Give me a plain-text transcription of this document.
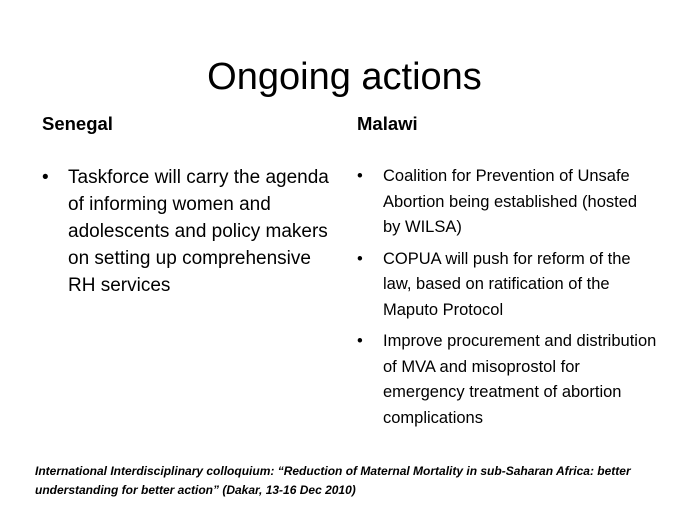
Ongoing actions
Senegal
• Taskforce will carry the agenda of informing women and adolescents and policy makers on setting up comprehensive RH services
Malawi
• Coalition for Prevention of Unsafe Abortion being established (hosted by WILSA)
• COPUA will push for reform of the law, based on ratification of the Maputo Protocol
• Improve procurement and distribution of MVA and misoprostol for emergency treatment of abortion complications
International Interdisciplinary colloquium: “Reduction of Maternal Mortality in sub-Saharan Africa: better understanding for better action” (Dakar, 13-16 Dec 2010)
